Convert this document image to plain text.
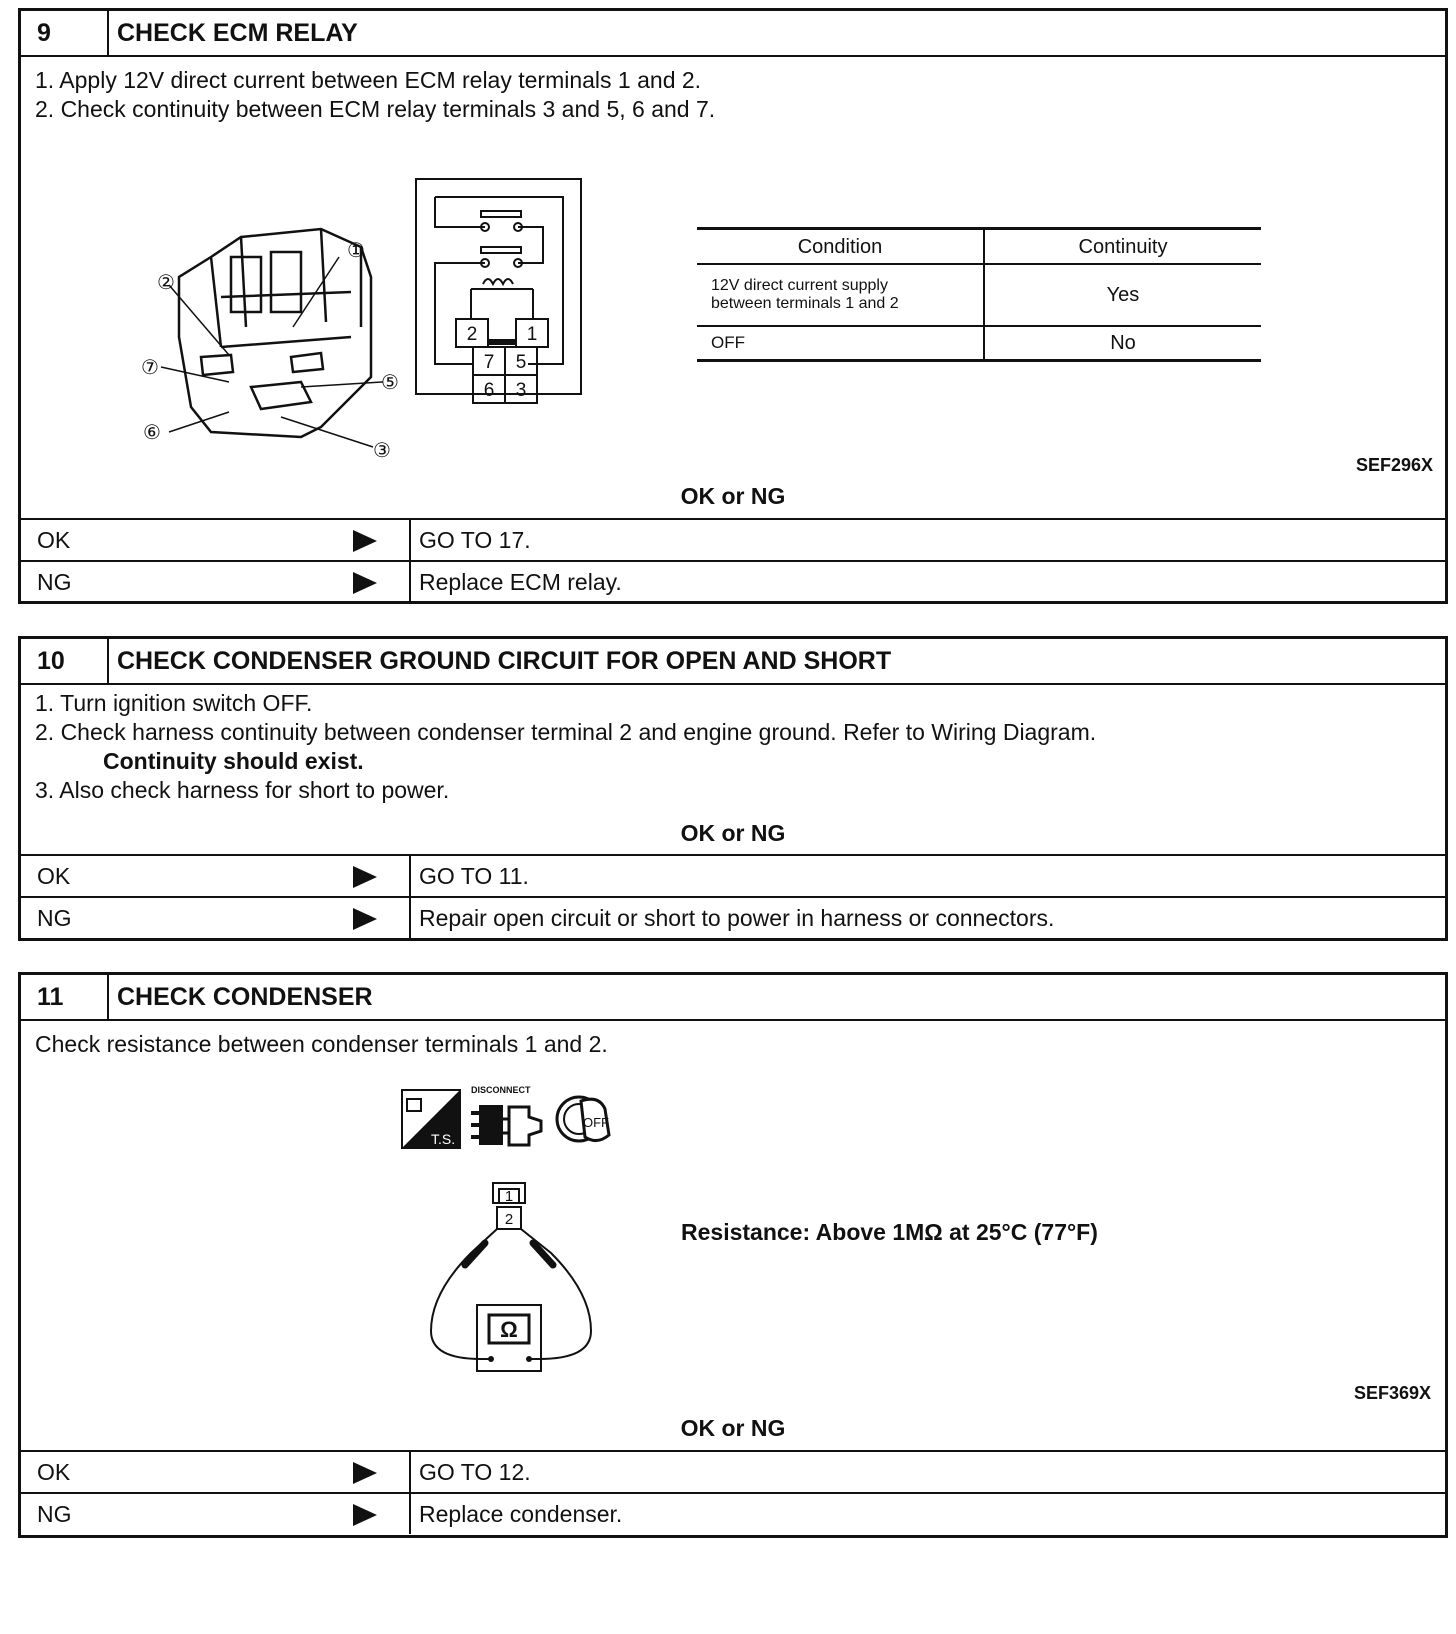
9	CHECK ECM RELAY
1. Apply 12V direct current between ECM relay terminals 1 and 2.
2. Check continuity between ECM relay terminals 3 and 5, 6 and 7.
①
②
⑦
⑤
⑥
③
2	1
7 5
6 3
Condition	Continuity
12V direct current supply
between terminals 1 and 2	Yes
OFF	No
SEF296X
OK or NG
OK	GO TO 17.
NG	Replace ECM relay.
10	CHECK CONDENSER GROUND CIRCUIT FOR OPEN AND SHORT
1. Turn ignition switch OFF.
2. Check harness continuity between condenser terminal 2 and engine ground. Refer to Wiring Diagram.
Continuity should exist.
3. Also check harness for short to power.
OK or NG
OK	GO TO 11.
NG	Repair open circuit or short to power in harness or connectors.
11	CHECK CONDENSER
Check resistance between condenser terminals 1 and 2.
T.S.
DISCONNECT
OFF
1
2
Ω
Resistance: Above 1MΩ at 25°C (77°F)
SEF369X
OK or NG
OK	GO TO 12.
NG	Replace condenser.
